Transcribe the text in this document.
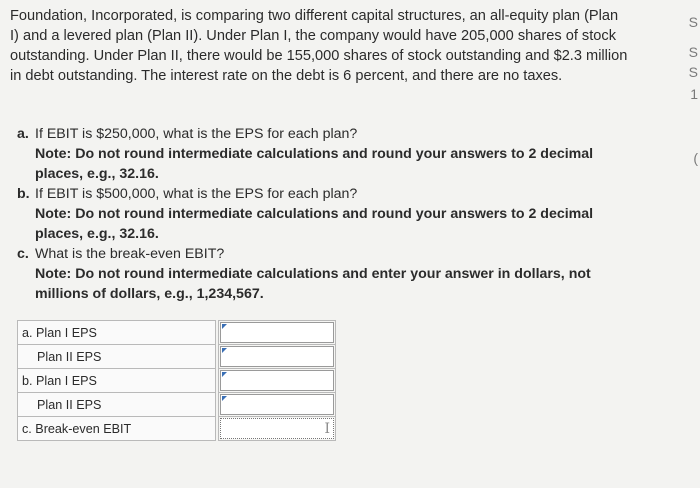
Foundation, Incorporated, is comparing two different capital structures, an all-equity plan (Plan I) and a levered plan (Plan II). Under Plan I, the company would have 205,000 shares of stock outstanding. Under Plan II, there would be 155,000 shares of stock outstanding and $2.3 million in debt outstanding. The interest rate on the debt is 6 percent, and there are no taxes.
a. If EBIT is $250,000, what is the EPS for each plan?
Note: Do not round intermediate calculations and round your answers to 2 decimal places, e.g., 32.16.
b. If EBIT is $500,000, what is the EPS for each plan?
Note: Do not round intermediate calculations and round your answers to 2 decimal places, e.g., 32.16.
c. What is the break-even EBIT?
Note: Do not round intermediate calculations and enter your answer in dollars, not millions of dollars, e.g., 1,234,567.
a. Plan I EPS		

Plan II EPS		

b. Plan I EPS		

Plan II EPS		

c. Break-even EBIT		I
S
S
S
1
(
